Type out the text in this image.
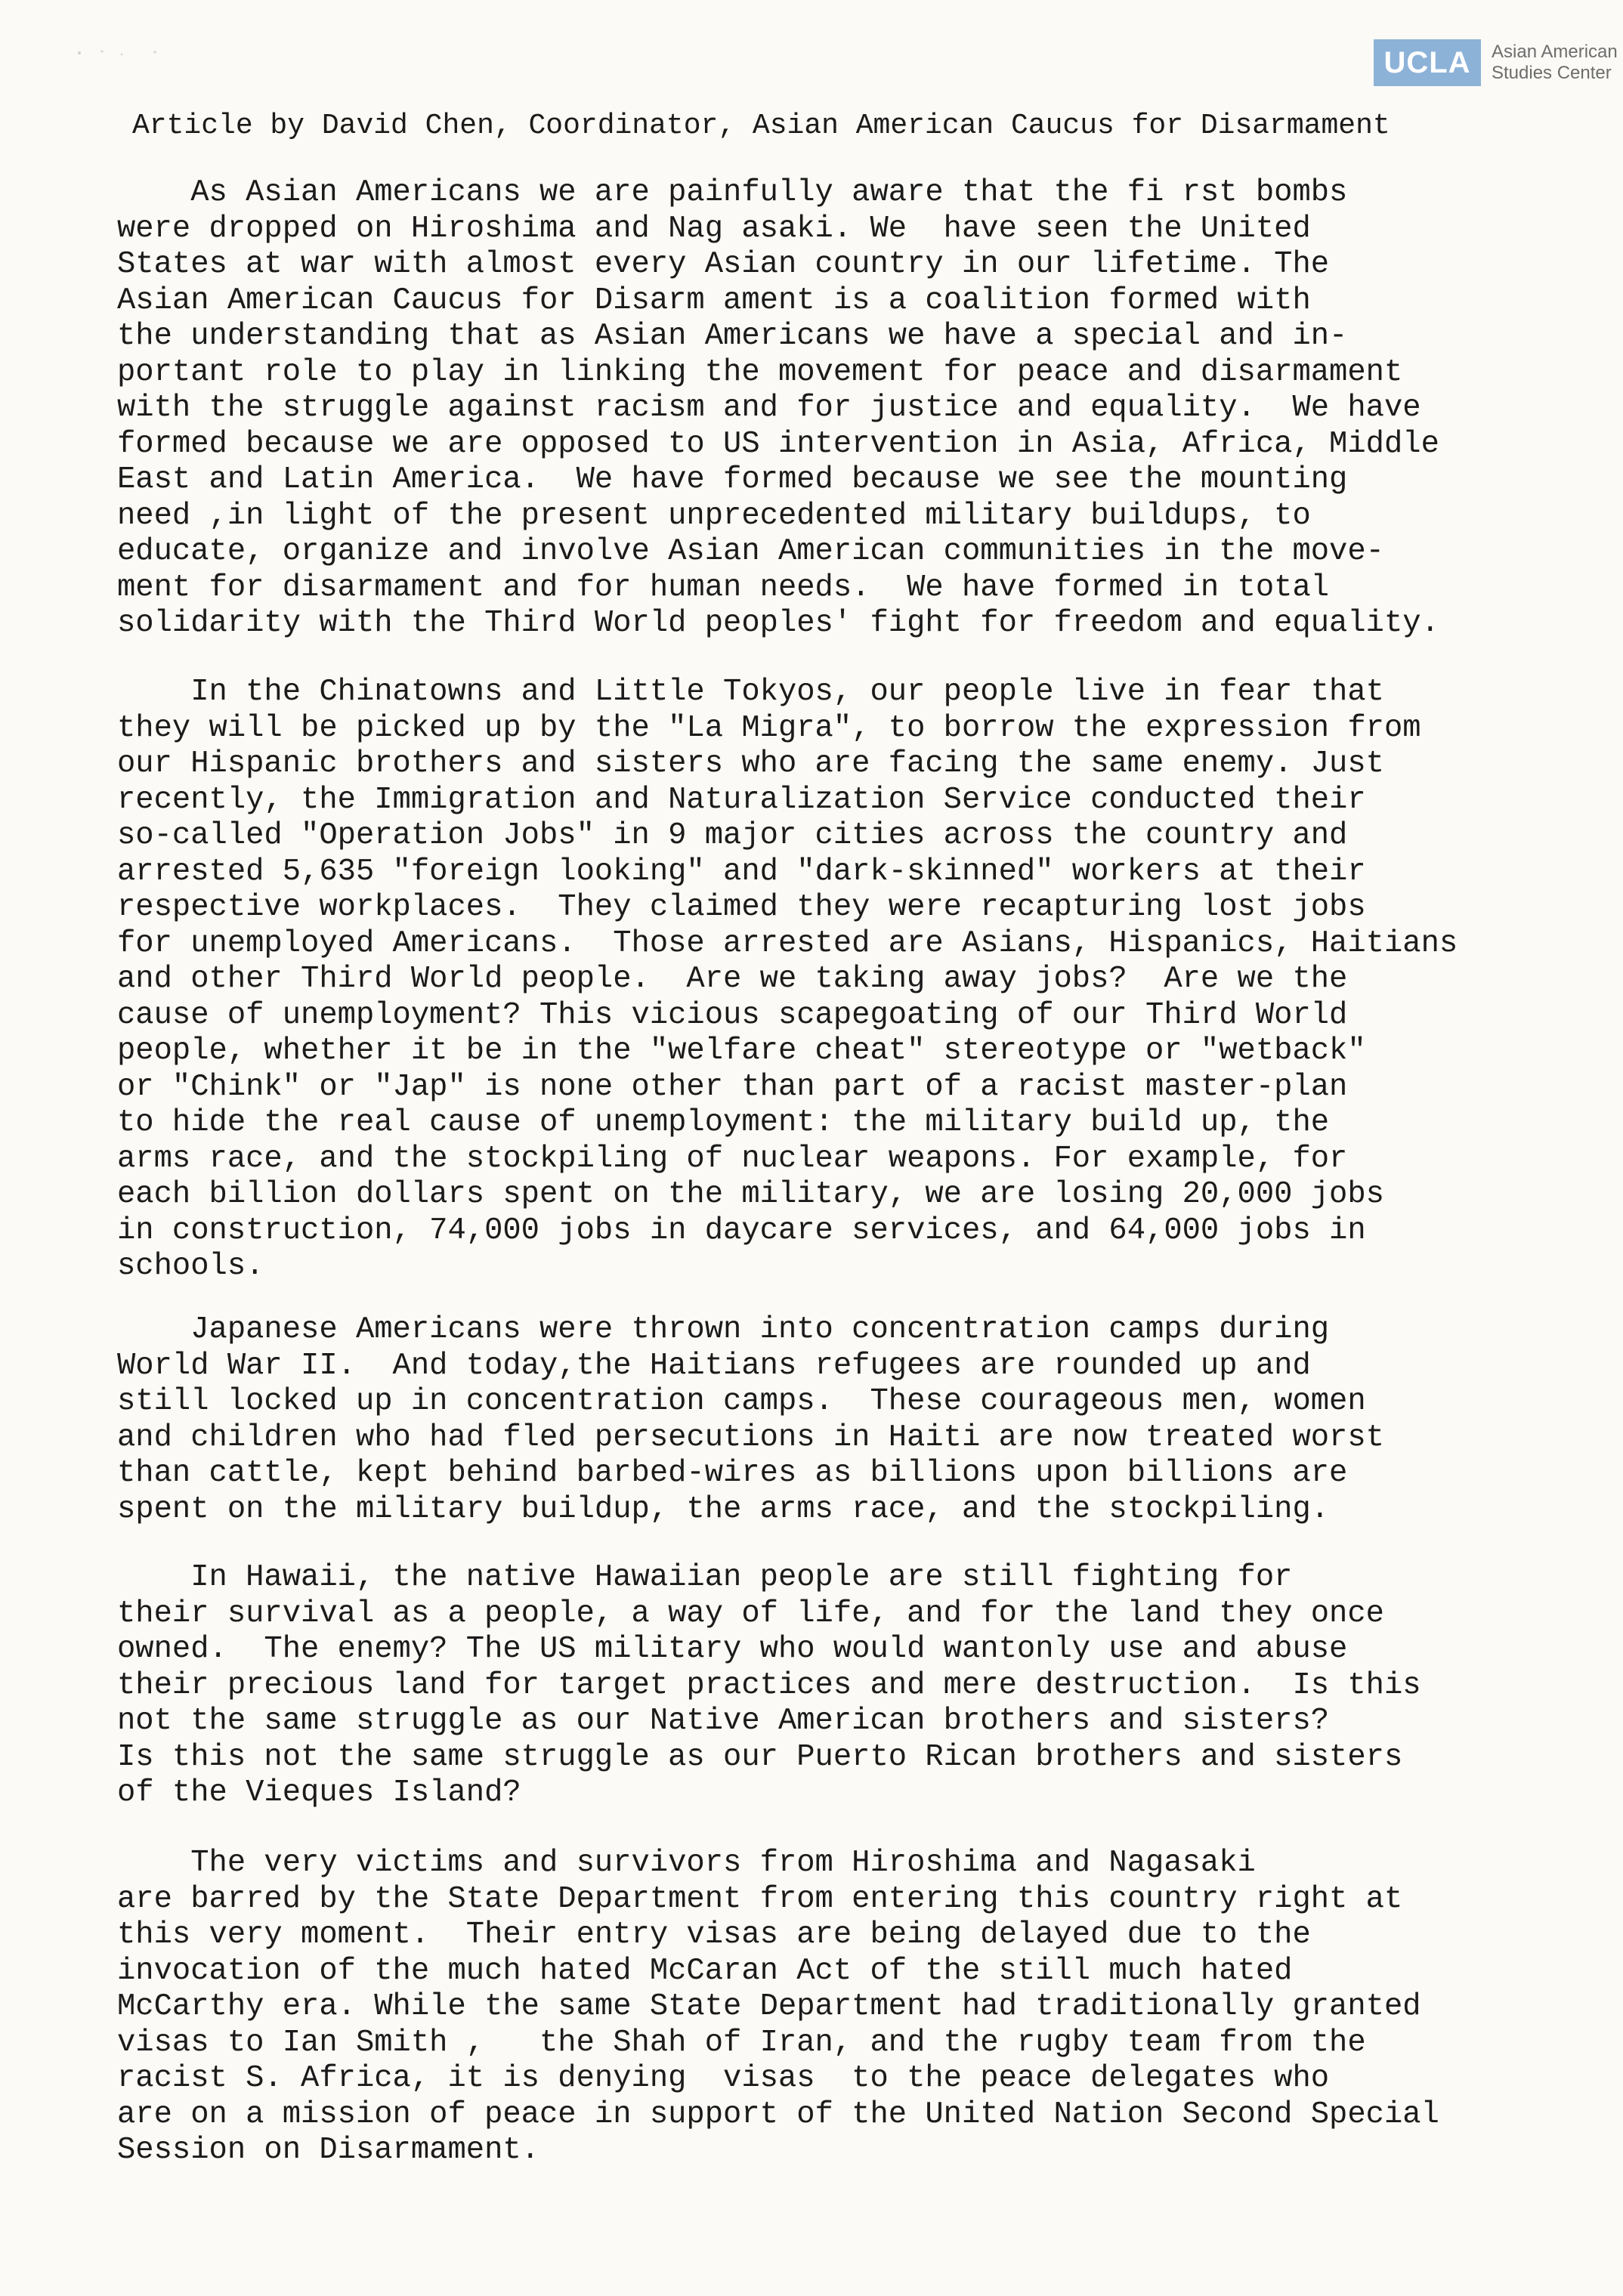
UCLA	Asian American
Studies Center
Article by David Chen, Coordinator, Asian American Caucus for Disarmament
As Asian Americans we are painfully aware that the fi rst bombs
were dropped on Hiroshima and Nag asaki. We  have seen the United
States at war with almost every Asian country in our lifetime. The
Asian American Caucus for Disarm ament is a coalition formed with
the understanding that as Asian Americans we have a special and in-
portant role to play in linking the movement for peace and disarmament
with the struggle against racism and for justice and equality.  We have
formed because we are opposed to US intervention in Asia, Africa, Middle
East and Latin America.  We have formed because we see the mounting
need ,in light of the present unprecedented military buildups, to
educate, organize and involve Asian American communities in the move-
ment for disarmament and for human needs.  We have formed in total
solidarity with the Third World peoples' fight for freedom and equality.
In the Chinatowns and Little Tokyos, our people live in fear that
they will be picked up by the "La Migra", to borrow the expression from
our Hispanic brothers and sisters who are facing the same enemy. Just
recently, the Immigration and Naturalization Service conducted their
so-called "Operation Jobs" in 9 major cities across the country and
arrested 5,635 "foreign looking" and "dark-skinned" workers at their
respective workplaces.  They claimed they were recapturing lost jobs
for unemployed Americans.  Those arrested are Asians, Hispanics, Haitians
and other Third World people.  Are we taking away jobs?  Are we the
cause of unemployment? This vicious scapegoating of our Third World
people, whether it be in the "welfare cheat" stereotype or "wetback"
or "Chink" or "Jap" is none other than part of a racist master-plan
to hide the real cause of unemployment: the military build up, the
arms race, and the stockpiling of nuclear weapons. For example, for
each billion dollars spent on the military, we are losing 20,000 jobs
in construction, 74,000 jobs in daycare services, and 64,000 jobs in
schools.
Japanese Americans were thrown into concentration camps during
World War II.  And today,the Haitians refugees are rounded up and
still locked up in concentration camps.  These courageous men, women
and children who had fled persecutions in Haiti are now treated worst
than cattle, kept behind barbed-wires as billions upon billions are
spent on the military buildup, the arms race, and the stockpiling.
In Hawaii, the native Hawaiian people are still fighting for
their survival as a people, a way of life, and for the land they once
owned.  The enemy? The US military who would wantonly use and abuse
their precious land for target practices and mere destruction.  Is this
not the same struggle as our Native American brothers and sisters?
Is this not the same struggle as our Puerto Rican brothers and sisters
of the Vieques Island?
The very victims and survivors from Hiroshima and Nagasaki
are barred by the State Department from entering this country right at
this very moment.  Their entry visas are being delayed due to the
invocation of the much hated McCaran Act of the still much hated
McCarthy era. While the same State Department had traditionally granted
visas to Ian Smith ,   the Shah of Iran, and the rugby team from the
racist S. Africa, it is denying  visas  to the peace delegates who
are on a mission of peace in support of the United Nation Second Special
Session on Disarmament.
